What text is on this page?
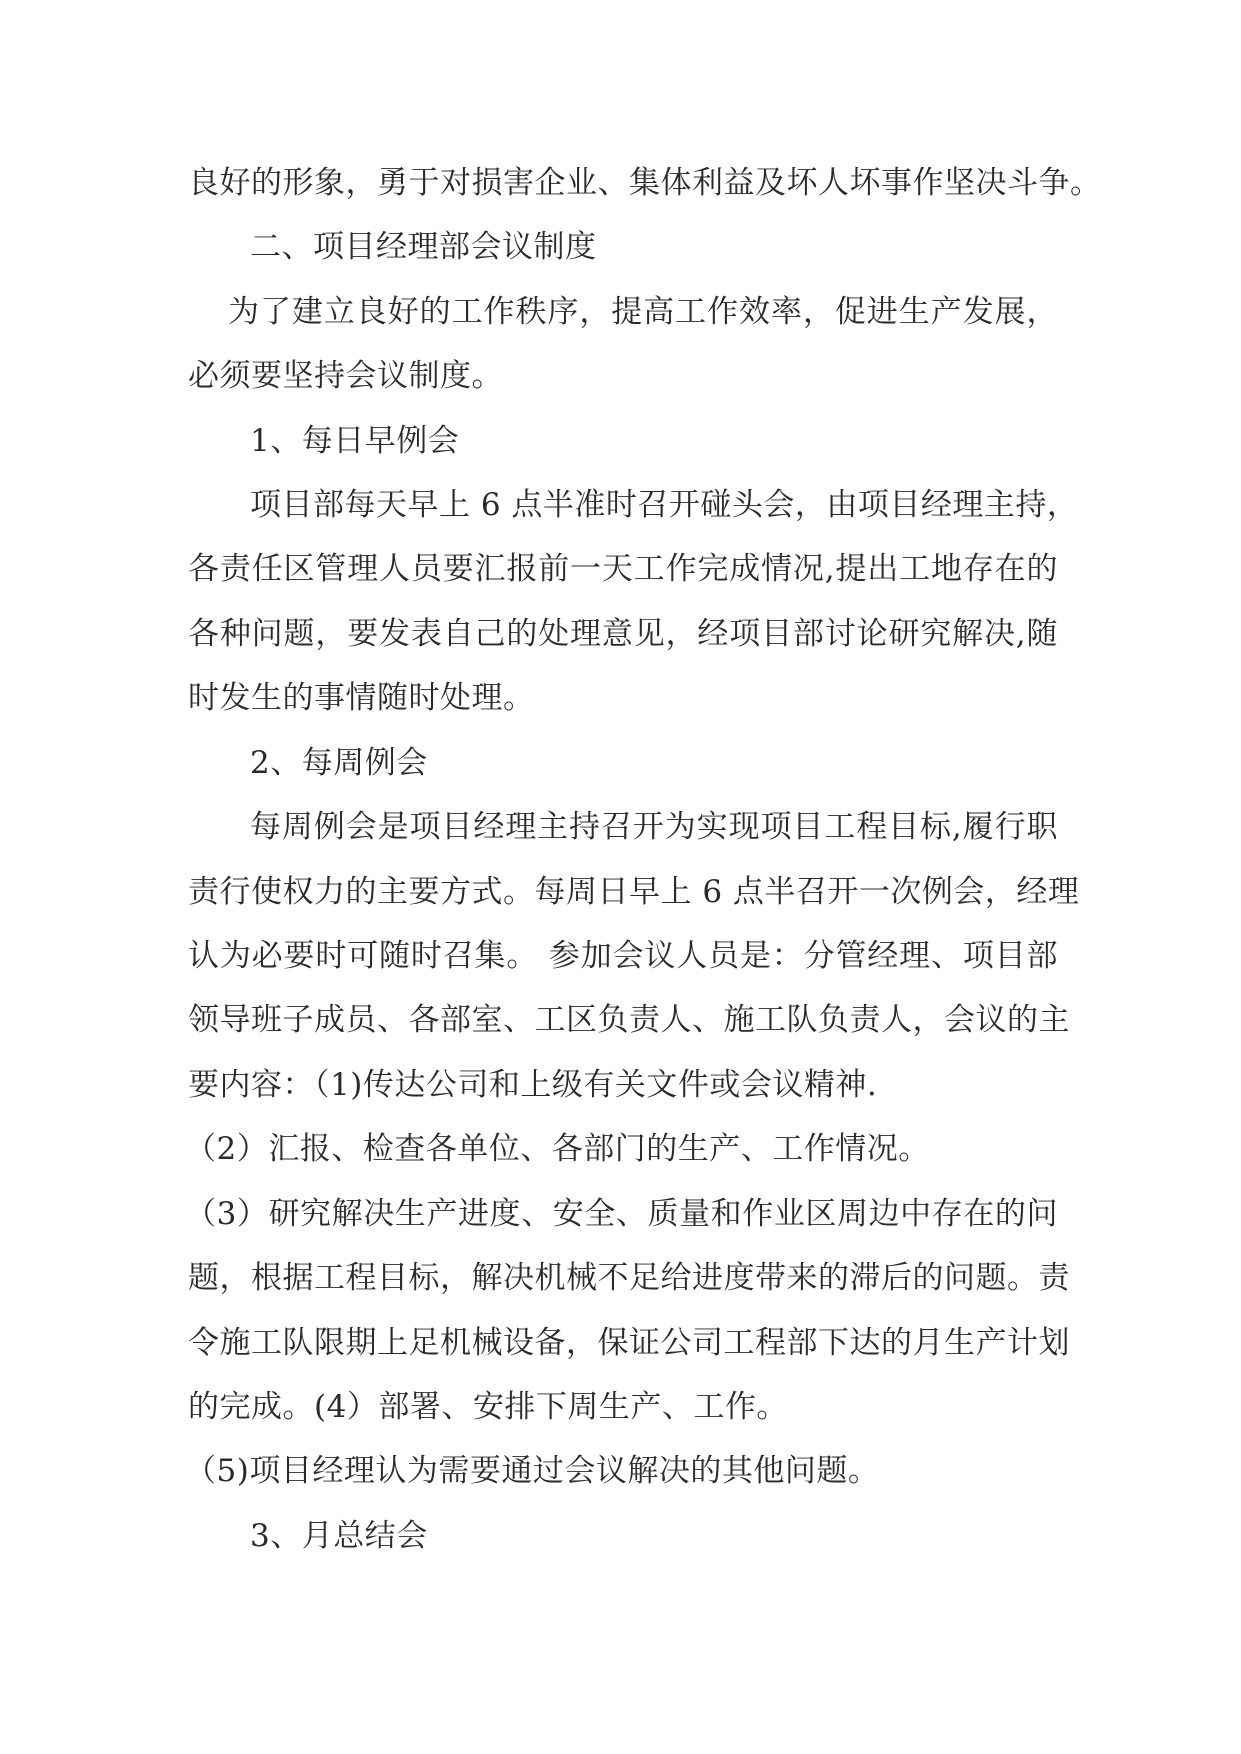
良好的形象，勇于对损害企业、集体利益及坏人坏事作坚决斗争。
二、项目经理部会议制度
为了建立良好的工作秩序，提高工作效率，促进生产发展，
必须要坚持会议制度。
1、每日早例会
项目部每天早上 6 点半准时召开碰头会，由项目经理主持，
各责任区管理人员要汇报前一天工作完成情况,提出工地存在的
各种问题，要发表自己的处理意见，经项目部讨论研究解决,随
时发生的事情随时处理。
2、每周例会
每周例会是项目经理主持召开为实现项目工程目标,履行职
责行使权力的主要方式。每周日早上 6 点半召开一次例会，经理
认为必要时可随时召集。 参加会议人员是：分管经理、项目部
领导班子成员、各部室、工区负责人、施工队负责人，会议的主
要内容：（1)传达公司和上级有关文件或会议精神.
（2）汇报、检查各单位、各部门的生产、工作情况。
（3）研究解决生产进度、安全、质量和作业区周边中存在的问
题，根据工程目标，解决机械不足给进度带来的滞后的问题。责
令施工队限期上足机械设备，保证公司工程部下达的月生产计划
的完成。(4）部署、安排下周生产、工作。
（5)项目经理认为需要通过会议解决的其他问题。
3、月总结会
